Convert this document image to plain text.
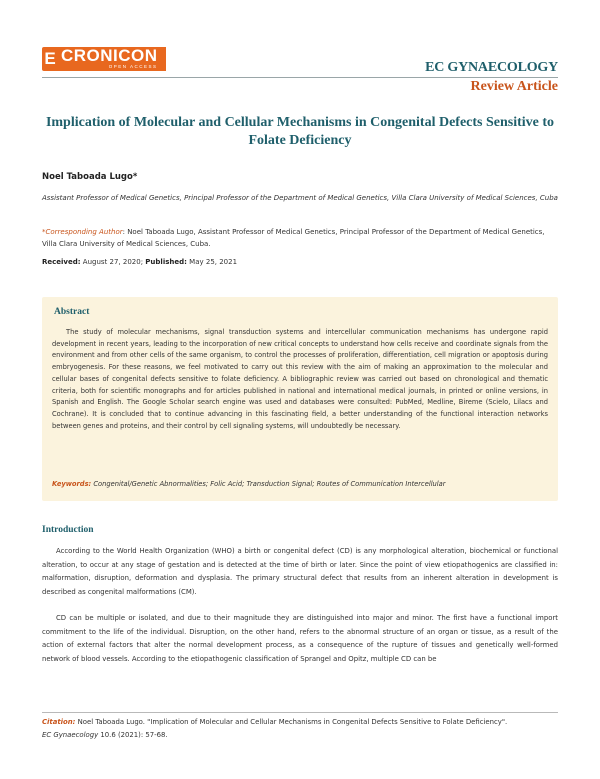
E CRONICON
OPEN ACCESS	EC GYNAECOLOGY
Review Article
Implication of Molecular and Cellular Mechanisms in Congenital Defects Sensitive to Folate Deficiency
Noel Taboada Lugo*
Assistant Professor of Medical Genetics, Principal Professor of the Department of Medical Genetics, Villa Clara University of Medical Sciences, Cuba
*Corresponding Author: Noel Taboada Lugo, Assistant Professor of Medical Genetics, Principal Professor of the Department of Medical Genetics, Villa Clara University of Medical Sciences, Cuba.
Received: August 27, 2020; Published: May 25, 2021
Abstract
The study of molecular mechanisms, signal transduction systems and intercellular communication mechanisms has undergone rapid development in recent years, leading to the incorporation of new critical concepts to understand how cells receive and coordinate signals from the environment and from other cells of the same organism, to control the processes of proliferation, differentiation, cell migration or apoptosis during embryogenesis. For these reasons, we feel motivated to carry out this review with the aim of making an approximation to the molecular and cellular bases of congenital defects sensitive to folate deficiency. A bibliographic review was carried out based on chronological and thematic criteria, both for scientific monographs and for articles published in national and international medical journals, in printed or online versions, in Spanish and English. The Google Scholar search engine was used and databases were consulted: PubMed, Medline, Bireme (Scielo, Lilacs and Cochrane). It is concluded that to continue advancing in this fascinating field, a better understanding of the functional interaction networks between genes and proteins, and their control by cell signaling systems, will undoubtedly be necessary.
Keywords: Congenital/Genetic Abnormalities; Folic Acid; Transduction Signal; Routes of Communication Intercellular
Introduction
According to the World Health Organization (WHO) a birth or congenital defect (CD) is any morphological alteration, biochemical or functional alteration, to occur at any stage of gestation and is detected at the time of birth or later. Since the point of view etiopathogenics are classified in: malformation, disruption, deformation and dysplasia. The primary structural defect that results from an inherent alteration in development is described as congenital malformations (CM).
CD can be multiple or isolated, and due to their magnitude they are distinguished into major and minor. The first have a functional import commitment to the life of the individual. Disruption, on the other hand, refers to the abnormal structure of an organ or tissue, as a result of the action of external factors that alter the normal development process, as a consequence of the rupture of tissues and genetically well-formed network of blood vessels. According to the etiopathogenic classification of Sprangel and Opitz, multiple CD can be
Citation: Noel Taboada Lugo. "Implication of Molecular and Cellular Mechanisms in Congenital Defects Sensitive to Folate Deficiency".
EC Gynaecology 10.6 (2021): 57-68.
